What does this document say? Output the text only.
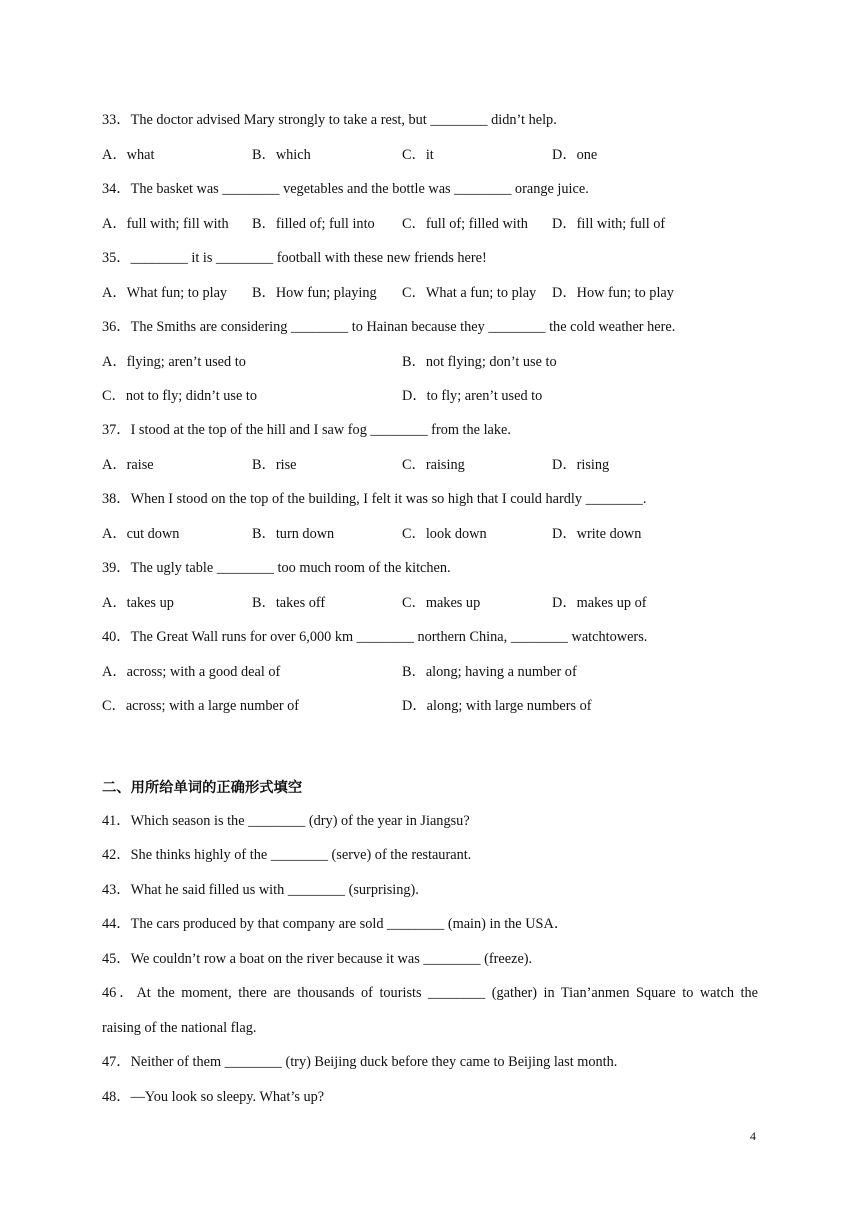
33．The doctor advised Mary strongly to take a rest, but ________ didn’t help.
A．what	B．which	C．it	D．one
34．The basket was ________ vegetables and the bottle was ________ orange juice.
A．full with; fill with B．filled of; full into C．full of; filled with D．fill with; full of
35．________ it is ________ football with these new friends here!
A．What fun; to play B．How fun; playing C．What a fun; to play D．How fun; to play
36．The Smiths are considering ________ to Hainan because they ________ the cold weather here.
A．flying; aren’t used to	B．not flying; don’t use to
C．not to fly; didn’t use to	D．to fly; aren’t used to
37．I stood at the top of the hill and I saw fog ________ from the lake.
A．raise	B．rise	C．raising	D．rising
38．When I stood on the top of the building, I felt it was so high that I could hardly ________.
A．cut down	B．turn down	C．look down	D．write down
39．The ugly table ________ too much room of the kitchen.
A．takes up	B．takes off	C．makes up	D．makes up of
40．The Great Wall runs for over 6,000 km ________ northern China, ________ watchtowers.
A．across; with a good deal of	B．along; having a number of
C．across; with a large number of	D．along; with large numbers of
二、用所给单词的正确形式填空
41．Which season is the ________ (dry) of the year in Jiangsu?
42．She thinks highly of the ________ (serve) of the restaurant.
43．What he said filled us with ________ (surprising).
44．The cars produced by that company are sold ________ (main) in the USA．
45．We couldn’t row a boat on the river because it was ________ (freeze).
46．At the moment, there are thousands of tourists ________ (gather) in Tian’anmen Square to watch the
raising of the national flag.
47．Neither of them ________ (try) Beijing duck before they came to Beijing last month.
48．—You look so sleepy. What’s up?
4
